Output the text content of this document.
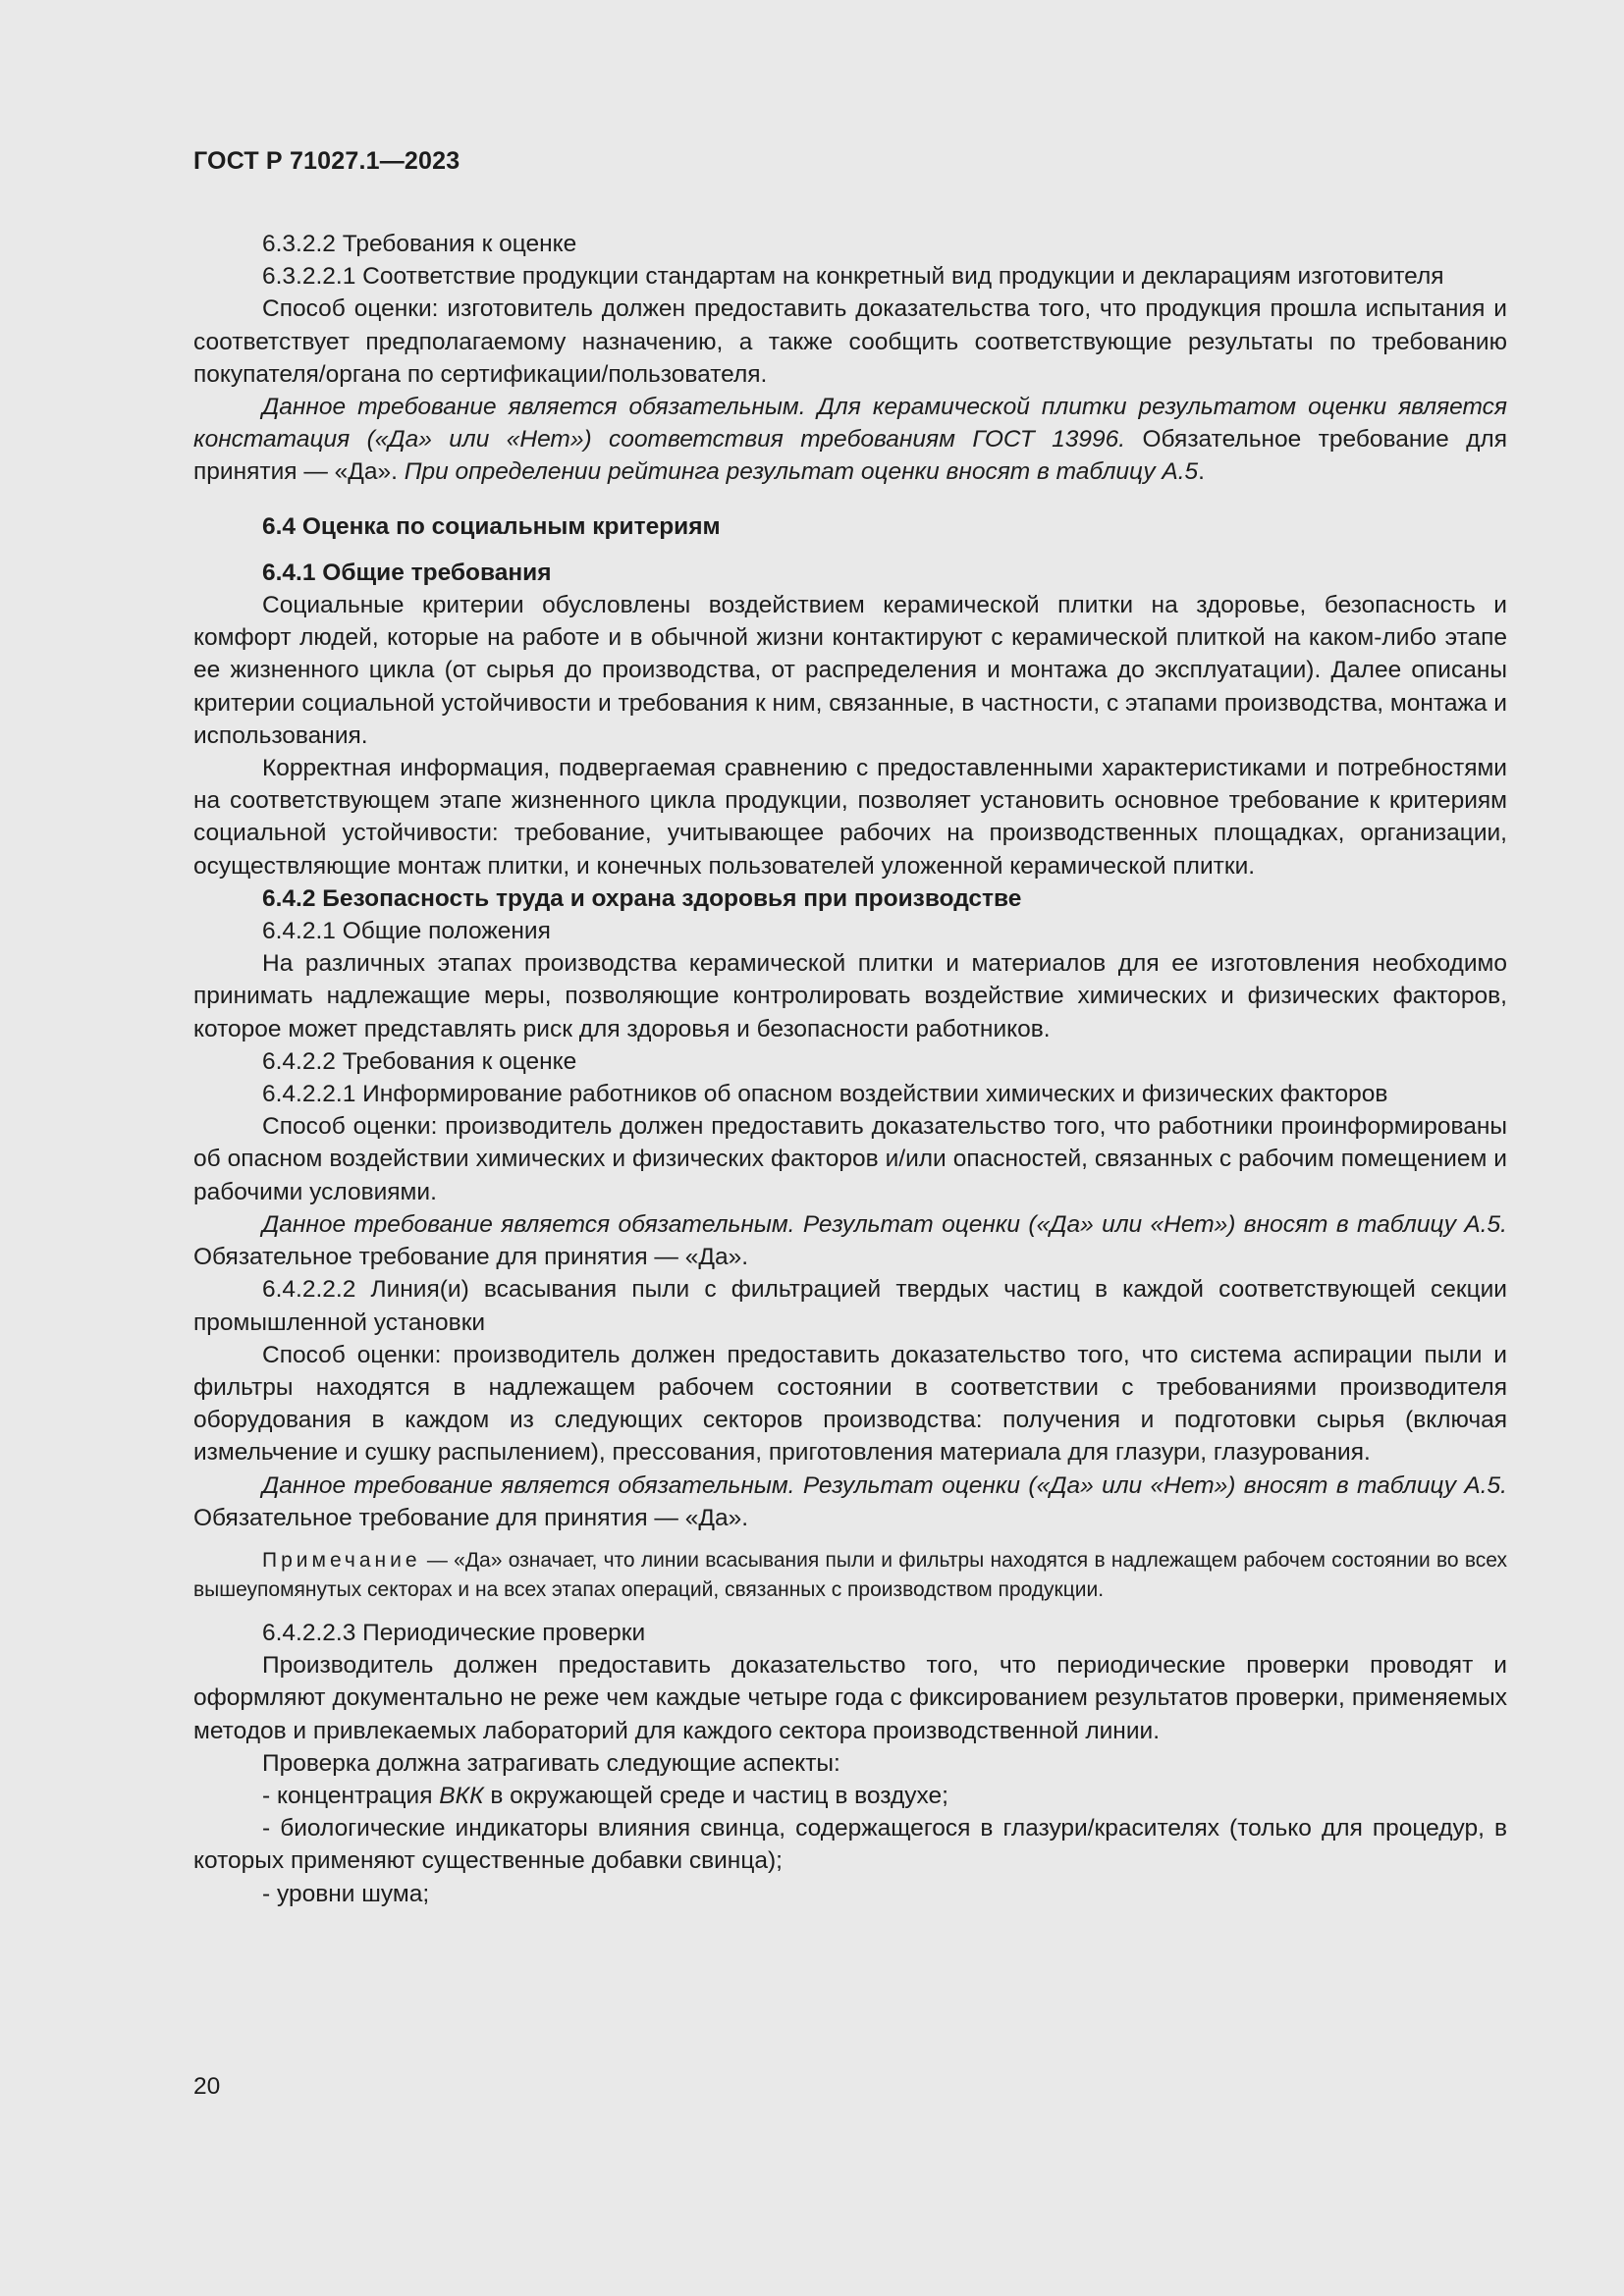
ГОСТ Р 71027.1—2023

6.3.2.2 Требования к оценке

6.3.2.2.1 Соответствие продукции стандартам на конкретный вид продукции и декларациям изготовителя

Способ оценки: изготовитель должен предоставить доказательства того, что продукция прошла испытания и соответствует предполагаемому назначению, а также сообщить соответствующие результаты по требованию покупателя/органа по сертификации/пользователя.

Данное требование является обязательным. Для керамической плитки результатом оценки является констатация («Да» или «Нет») соответствия требованиям ГОСТ 13996. Обязательное требование для принятия — «Да». При определении рейтинга результат оценки вносят в таблицу А.5.

6.4 Оценка по социальным критериям

6.4.1 Общие требования

Социальные критерии обусловлены воздействием керамической плитки на здоровье, безопасность и комфорт людей, которые на работе и в обычной жизни контактируют с керамической плиткой на каком-либо этапе ее жизненного цикла (от сырья до производства, от распределения и монтажа до эксплуатации). Далее описаны критерии социальной устойчивости и требования к ним, связанные, в частности, с этапами производства, монтажа и использования.

Корректная информация, подвергаемая сравнению с предоставленными характеристиками и потребностями на соответствующем этапе жизненного цикла продукции, позволяет установить основное требование к критериям социальной устойчивости: требование, учитывающее рабочих на производственных площадках, организации, осуществляющие монтаж плитки, и конечных пользователей уложенной керамической плитки.

6.4.2 Безопасность труда и охрана здоровья при производстве

6.4.2.1 Общие положения

На различных этапах производства керамической плитки и материалов для ее изготовления необходимо принимать надлежащие меры, позволяющие контролировать воздействие химических и физических факторов, которое может представлять риск для здоровья и безопасности работников.

6.4.2.2 Требования к оценке

6.4.2.2.1 Информирование работников об опасном воздействии химических и физических факторов

Способ оценки: производитель должен предоставить доказательство того, что работники проинформированы об опасном воздействии химических и физических факторов и/или опасностей, связанных с рабочим помещением и рабочими условиями.

Данное требование является обязательным. Результат оценки («Да» или «Нет») вносят в таблицу А.5. Обязательное требование для принятия — «Да».

6.4.2.2.2 Линия(и) всасывания пыли с фильтрацией твердых частиц в каждой соответствующей секции промышленной установки

Способ оценки: производитель должен предоставить доказательство того, что система аспирации пыли и фильтры находятся в надлежащем рабочем состоянии в соответствии с требованиями производителя оборудования в каждом из следующих секторов производства: получения и подготовки сырья (включая измельчение и сушку распылением), прессования, приготовления материала для глазури, глазурования.

Данное требование является обязательным. Результат оценки («Да» или «Нет») вносят в таблицу А.5. Обязательное требование для принятия — «Да».

Примечание — «Да» означает, что линии всасывания пыли и фильтры находятся в надлежащем рабочем состоянии во всех вышеупомянутых секторах и на всех этапах операций, связанных с производством продукции.

6.4.2.2.3 Периодические проверки

Производитель должен предоставить доказательство того, что периодические проверки проводят и оформляют документально не реже чем каждые четыре года с фиксированием результатов проверки, применяемых методов и привлекаемых лабораторий для каждого сектора производственной линии.

Проверка должна затрагивать следующие аспекты:

- концентрация ВКК в окружающей среде и частиц в воздухе;

- биологические индикаторы влияния свинца, содержащегося в глазури/красителях (только для процедур, в которых применяют существенные добавки свинца);

- уровни шума;

20
